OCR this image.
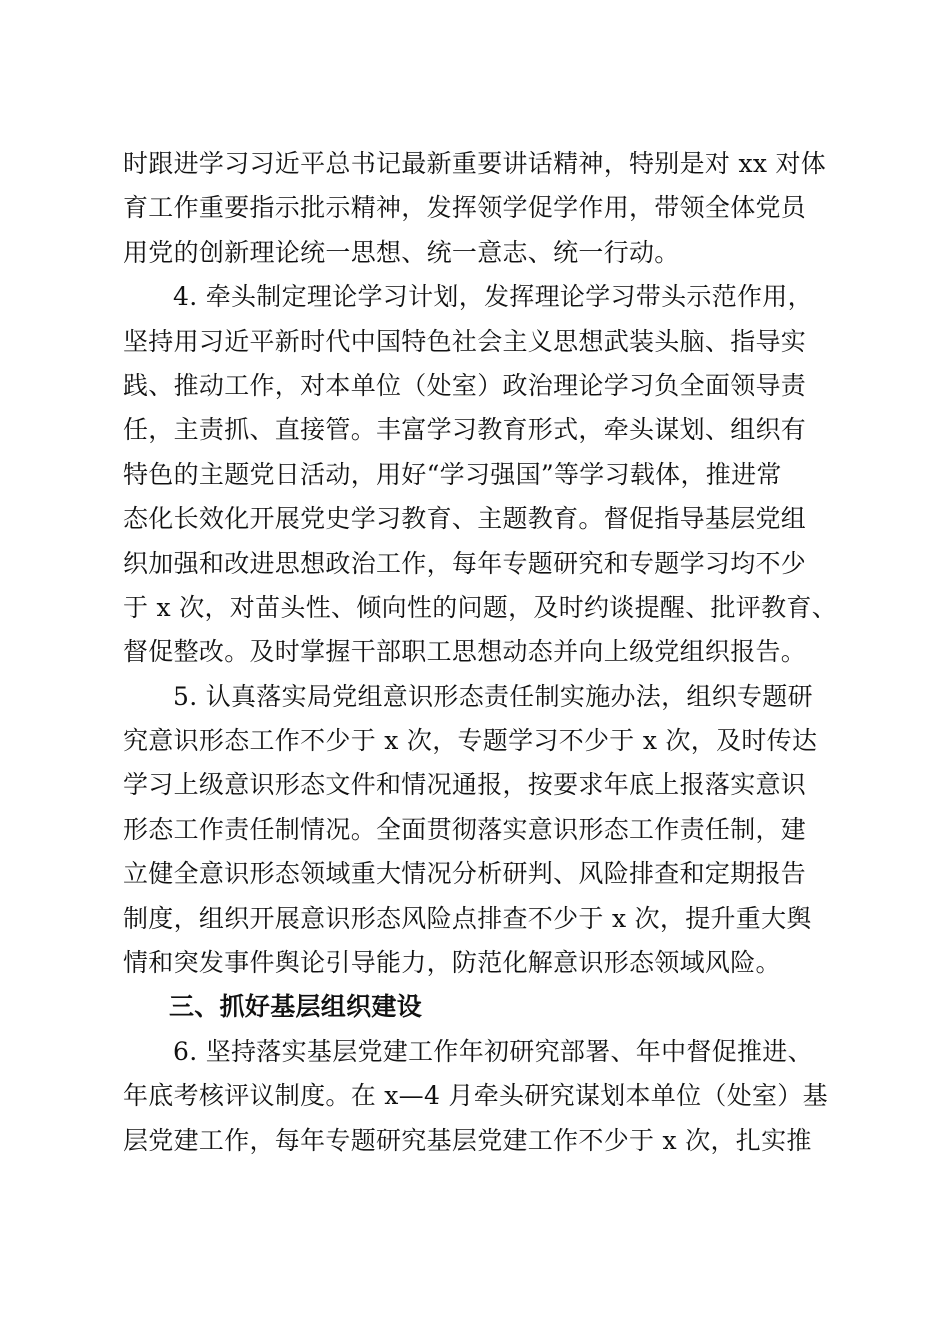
时跟进学习习近平总书记最新重要讲话精神，特别是对 xx 对体
育工作重要指示批示精神，发挥领学促学作用，带领全体党员
用党的创新理论统一思想、统一意志、统一行动。
4. 牵头制定理论学习计划，发挥理论学习带头示范作用，
坚持用习近平新时代中国特色社会主义思想武装头脑、指导实
践、推动工作，对本单位（处室）政治理论学习负全面领导责
任，主责抓、直接管。丰富学习教育形式，牵头谋划、组织有
特色的主题党日活动，用好“学习强国”等学习载体，推进常
态化长效化开展党史学习教育、主题教育。督促指导基层党组
织加强和改进思想政治工作，每年专题研究和专题学习均不少
于 x 次，对苗头性、倾向性的问题，及时约谈提醒、批评教育、
督促整改。及时掌握干部职工思想动态并向上级党组织报告。
5. 认真落实局党组意识形态责任制实施办法，组织专题研
究意识形态工作不少于 x 次，专题学习不少于 x 次，及时传达
学习上级意识形态文件和情况通报，按要求年底上报落实意识
形态工作责任制情况。全面贯彻落实意识形态工作责任制，建
立健全意识形态领域重大情况分析研判、风险排查和定期报告
制度，组织开展意识形态风险点排查不少于 x 次，提升重大舆
情和突发事件舆论引导能力，防范化解意识形态领域风险。
三、抓好基层组织建设
6. 坚持落实基层党建工作年初研究部署、年中督促推进、
年底考核评议制度。在 x—4 月牵头研究谋划本单位（处室）基
层党建工作，每年专题研究基层党建工作不少于 x 次，扎实推
